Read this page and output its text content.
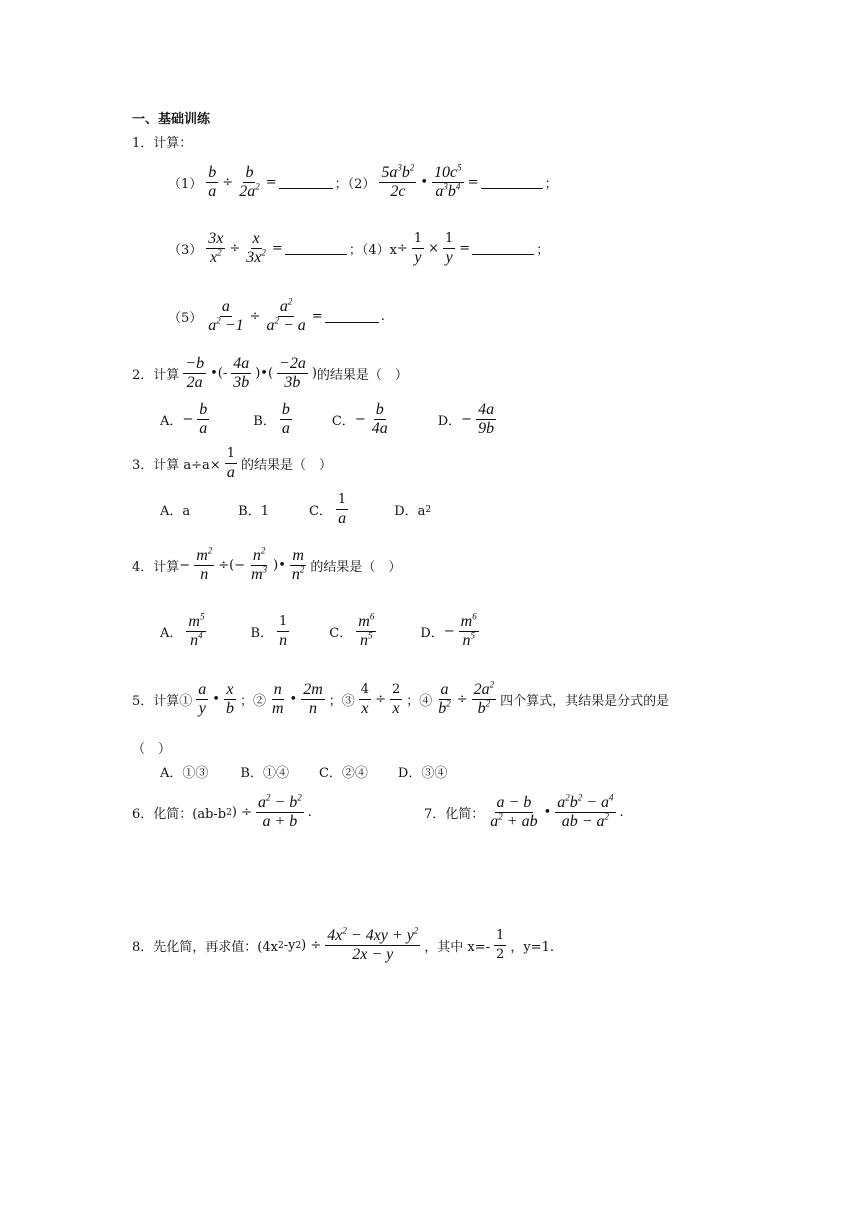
一、基础训练
1．计算：
$(1) \frac{b}{a} \div \frac{b}{2a^2}$ =	；$(2) \frac{5a^3b^2}{2c}$ • $\frac{10c^5}{a^3b^4}$ =	；
$(3) \frac{3x}{x^2} \div \frac{x}{3x^2}$ =	；$(4)x \div \frac{1}{y} \times \frac{1}{y}$ =	；
$(5) \frac{a}{a^2 -1} \div \frac{a^2}{a^2 - a}$ =	.
2．计算 $\frac{-b}{2a}$ •(- $\frac{4a}{3b}$ )•( $\frac{-2a}{3b}$ ) 的结果是（　）
A． − $\frac{b}{a}$	B． $\frac{b}{a}$	C． − $\frac{b}{4a}$	D． − $\frac{4a}{9b}$
3．计算 $a\div a\times \frac{1}{a}$ 的结果是（　）
A．a	B．1	C． $\frac{1}{a}$	D．a 2
4．计算 − $\frac{m^2}{n}$ ÷(− $\frac{n^2}{m^3}$ )• $\frac{m}{n^2}$ 的结果是（　）
A． $\frac{m^5}{n^4}$	B． $\frac{1}{n}$	C． $\frac{m^6}{n^5}$	D． − $\frac{m^6}{n^5}$
5．计算① $\frac{a}{y}$ • $\frac{x}{b}$ ；② $\frac{n}{m}$ • $\frac{2m}{n}$ ；③ $\frac{4}{x} \div \frac{2}{x}$ ；④ $\frac{a}{b^2} \div \frac{2a^2}{b^2}$ 四个算式，其结果是分式的是
（　）
A．①③ B．①④ C．②④ D．③④
6．化简：(ab-b 2 ) ÷ $\frac{a^2 - b^2}{a + b}$ .	7．化简： $\frac{a - b}{a^2 + ab}$ • $\frac{a^2b^2 - a^4}{ab - a^2}$ .
8．先化简，再求值：(4x 2 -y 2 ) ÷ $\frac{4x^2 - 4xy + y^2}{2x - y}$ ，其中 $x=- \frac{1}{2}$ ，y=1.
